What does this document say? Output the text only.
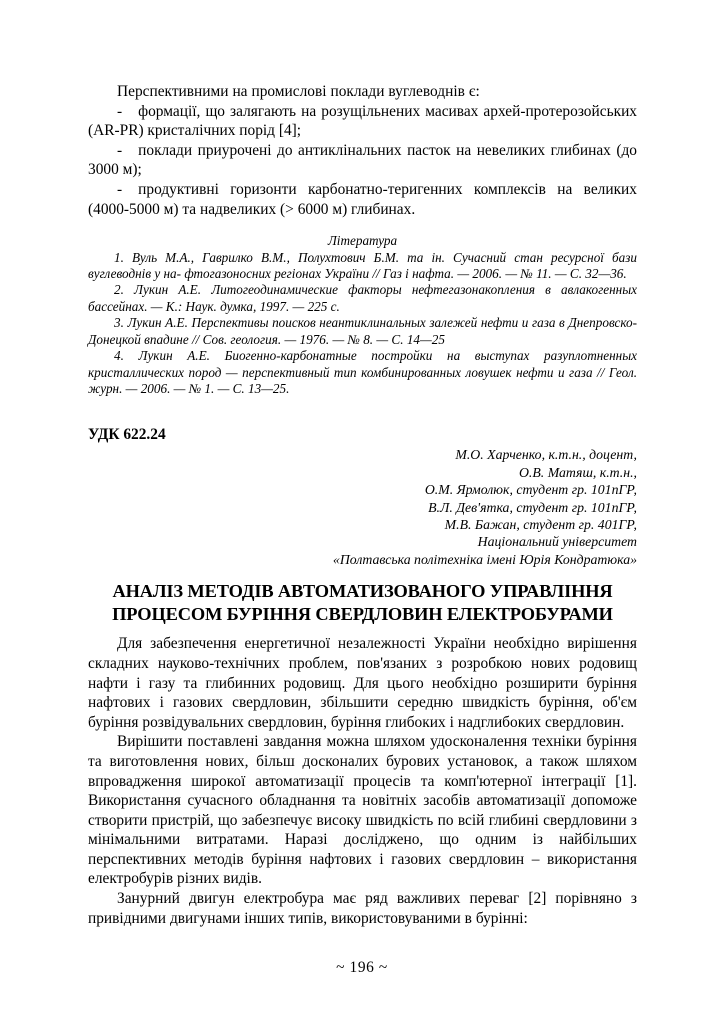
Перспективними на промислові поклади вуглеводнів є:

- формації, що залягають на розущільнених масивах архей-протерозойських (AR-PR) кристалічних порід [4];

- поклади приурочені до антиклінальних пасток на невеликих глибинах (до 3000 м);

- продуктивні горизонти карбонатно-теригенних комплексів на великих (4000-5000 м) та надвеликих (> 6000 м) глибинах.

Література

1. Вуль М.А., Гаврилко В.М., Полухтович Б.М. та ін. Сучасний стан ресурсної бази вуглеводнів у на- фтогазоносних регіонах України // Газ і нафта. — 2006. — № 11. — С. 32—36.

2. Лукин А.Е. Литогеодинамические факторы нефтегазонакопления в авлакогенных бассейнах. — К.: Наук. думка, 1997. — 225 с.

3. Лукин А.Е. Перспективы поисков неантиклинальных залежей нефти и газа в Днепровско-Донецкой впадине // Сов. геология. — 1976. — № 8. — С. 14—25

4. Лукин А.Е. Биогенно-карбонатные постройки на выступах разуплотненных кристаллических пород — перспективный тип комбинированных ловушек нефти и газа // Геол. журн. — 2006. — № 1. — С. 13—25.

УДК 622.24

М.О. Харченко, к.т.н., доцент,

О.В. Матяш, к.т.н.,

О.М. Ярмолюк, студент гр. 101пГР,

В.Л. Дев'ятка, студент гр. 101пГР,

М.В. Бажан, студент гр. 401ГР,

Національний університет

«Полтавська політехніка імені Юрія Кондратюка»

АНАЛІЗ МЕТОДІВ АВТОМАТИЗОВАНОГО УПРАВЛІННЯ
ПРОЦЕСОМ БУРІННЯ СВЕРДЛОВИН ЕЛЕКТРОБУРАМИ

Для забезпечення енергетичної незалежності України необхідно вирішення складних науково-технічних проблем, пов'язаних з розробкою нових родовищ нафти і газу та глибинних родовищ. Для цього необхідно розширити буріння нафтових і газових свердловин, збільшити середню швидкість буріння, об'єм буріння розвідувальних свердловин, буріння глибоких і надглибоких свердловин.

Вирішити поставлені завдання можна шляхом удосконалення техніки буріння та виготовлення нових, більш досконалих бурових установок, а також шляхом впровадження широкої автоматизації процесів та комп'ютерної інтеграції [1]. Використання сучасного обладнання та новітніх засобів автоматизації допоможе створити пристрій, що забезпечує високу швидкість по всій глибині свердловини з мінімальними витратами. Наразі досліджено, що одним із найбільших перспективних методів буріння нафтових і газових свердловин – використання електробурів різних видів.

Занурний двигун електробура має ряд важливих переваг [2] порівняно з привідними двигунами інших типів, використовуваними в бурінні:

~ 196 ~
